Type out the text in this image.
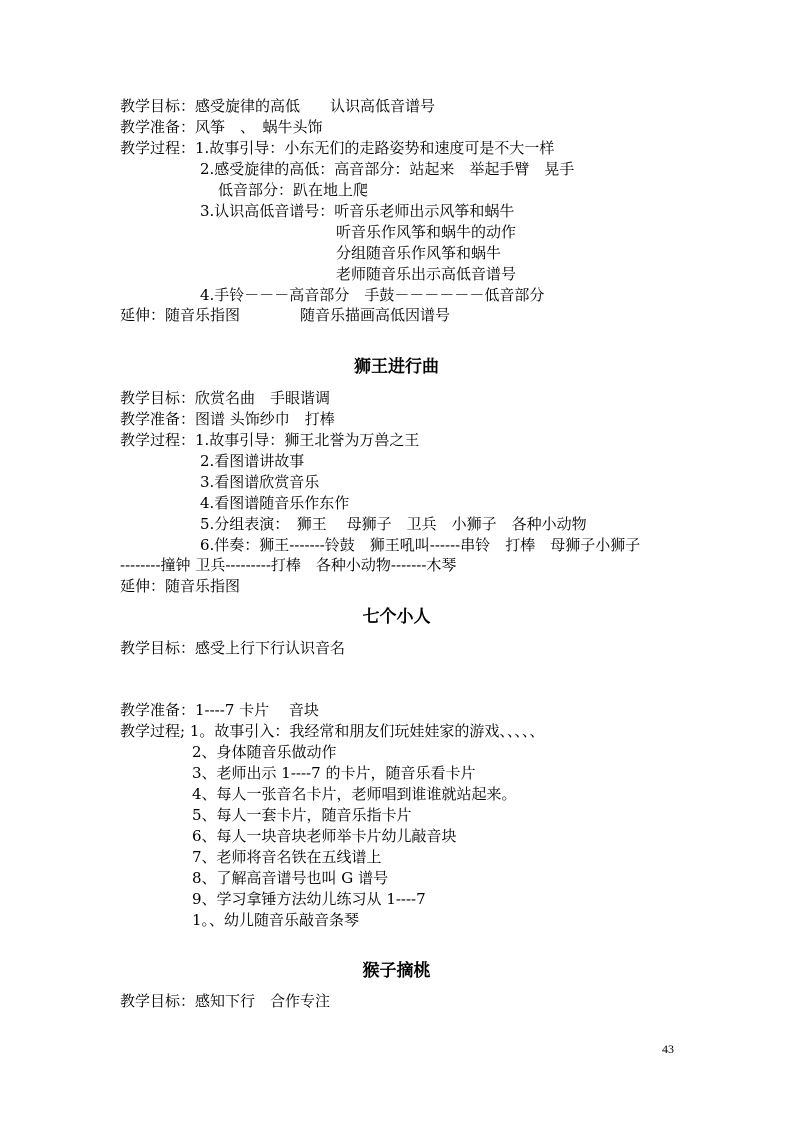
教学目标：感受旋律的高低　　认识高低音谱号
教学准备：风筝　、　蜗牛头饰
教学过程：1.故事引导：小东无们的走路姿势和速度可是不大一样
2.感受旋律的高低：高音部分：站起来　举起手臂　晃手
低音部分：趴在地上爬
3.认识高低音谱号：听音乐老师出示风筝和蜗牛
听音乐作风筝和蜗牛的动作
分组随音乐作风筝和蜗牛
老师随音乐出示高低音谱号
4.手铃－－－高音部分　手鼓－－－－－－低音部分
延伸：随音乐指图　　　　随音乐描画高低因谱号
狮王进行曲
教学目标：欣赏名曲　手眼谐调
教学准备：图谱 头饰纱巾　打棒
教学过程：1.故事引导：狮王北誉为万兽之王
2.看图谱讲故事
3.看图谱欣赏音乐
4.看图谱随音乐作东作
5.分组表演：　狮王　 母狮子　卫兵　小狮子　各种小动物
6.伴奏：狮王-------铃鼓　狮王吼叫------串铃　打棒　母狮子小狮子
--------撞钟 卫兵---------打棒　各种小动物-------木琴
延伸：随音乐指图
七个小人
教学目标：感受上行下行认识音名
教学准备：1----7 卡片　 音块
教学过程; 1。故事引入：我经常和朋友们玩娃娃家的游戏、、、、、
2、身体随音乐做动作
3、老师出示 1----7 的卡片，随音乐看卡片
4、每人一张音名卡片，老师唱到谁谁就站起来。
5、每人一套卡片，随音乐指卡片
6、每人一块音块老师举卡片幼儿敲音块
7、老师将音名铁在五线谱上
8、了解高音谱号也叫 G 谱号
9、学习拿锤方法幼儿练习从 1----7
1。、幼儿随音乐敲音条琴
猴子摘桃
教学目标：感知下行　合作专注
43
